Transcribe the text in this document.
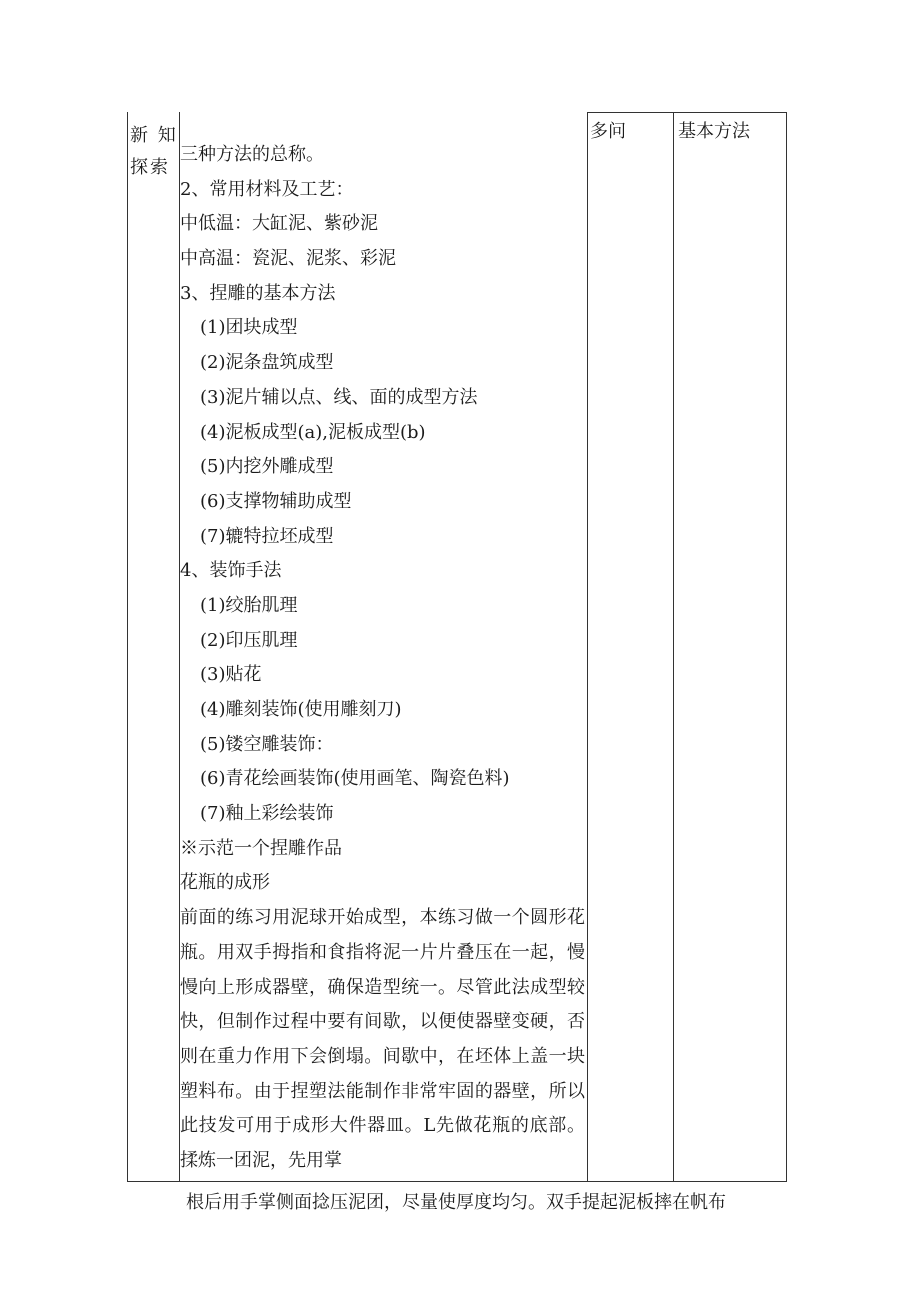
新 知探索
多问	基本方法
三种方法的总称。
2、常用材料及工艺：
中低温：大缸泥、紫砂泥
中高温：瓷泥、泥浆、彩泥
3、捏雕的基本方法
(1)团块成型
(2)泥条盘筑成型
(3)泥片辅以点、线、面的成型方法
(4)泥板成型(a),泥板成型(b)
(5)内挖外雕成型
(6)支撑物辅助成型
(7)辘特拉坯成型
4、装饰手法
(1)绞胎肌理
(2)印压肌理
(3)贴花
(4)雕刻装饰(使用雕刻刀)
(5)镂空雕装饰：
(6)青花绘画装饰(使用画笔、陶瓷色料)
(7)釉上彩绘装饰
※示范一个捏雕作品
花瓶的成形
前面的练习用泥球开始成型，本练习做一个圆形花瓶。用双手拇指和食指将泥一片片叠压在一起，慢慢向上形成器壁，确保造型统一。尽管此法成型较快，但制作过程中要有间歇，以便使器壁变硬，否则在重力作用下会倒塌。间歇中，在坯体上盖一块塑料布。由于捏塑法能制作非常牢固的器壁，所以此技发可用于成形大件器皿。L先做花瓶的底部。揉炼一团泥，先用掌
根后用手掌侧面捻压泥团，尽量使厚度均匀。双手提起泥板摔在帆布
